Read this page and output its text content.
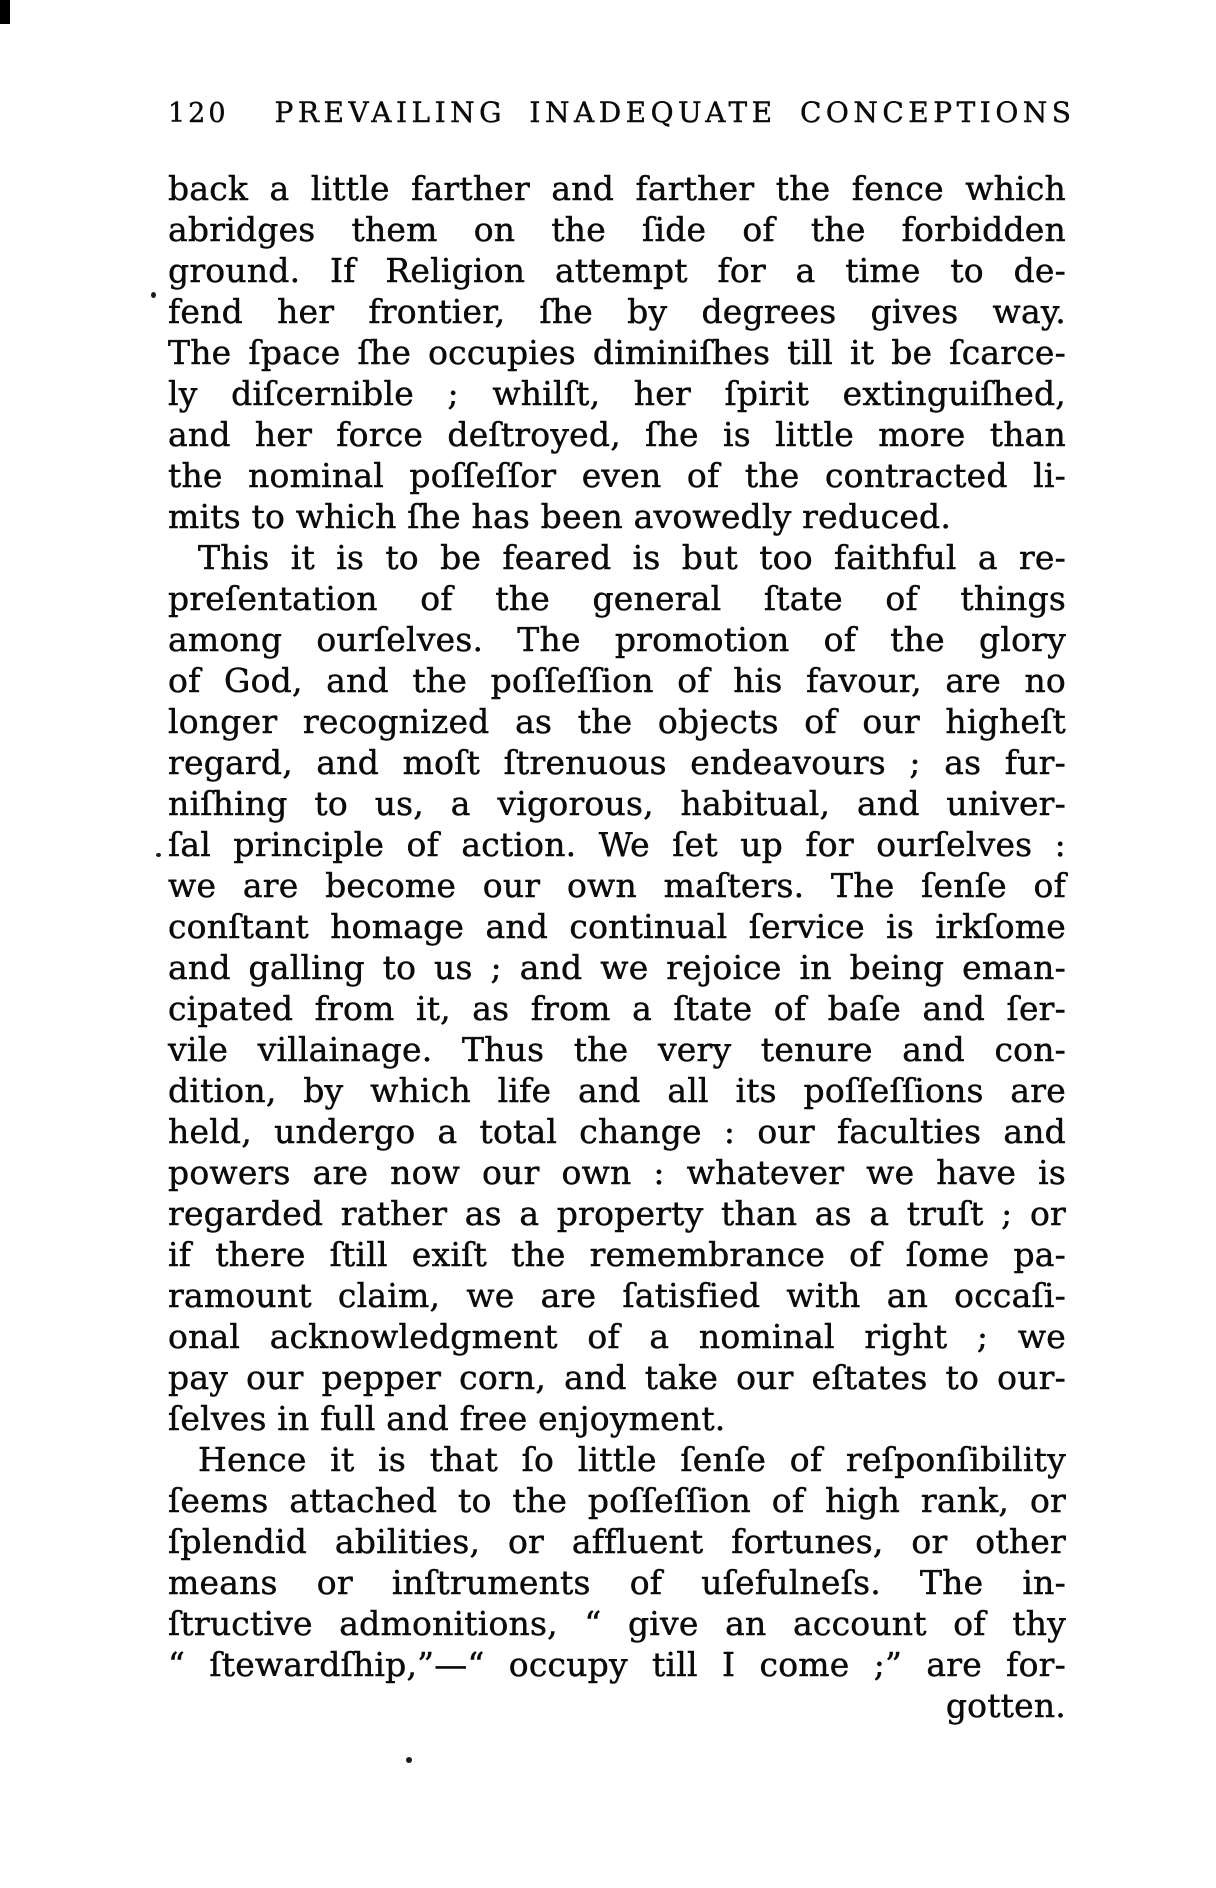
120 PREVAILING INADEQUATE CONCEPTIONS
back a little farther and farther the fence which
abridges them on the ſide of the forbidden
ground. If Religion attempt for a time to de-
fend her frontier, ſhe by degrees gives way.
The ſpace ſhe occupies diminiſhes till it be ſcarce-
ly diſcernible ; whilſt, her ſpirit extinguiſhed,
and her force deſtroyed, ſhe is little more than
the nominal poſſeſſor even of the contracted li-
mits to which ſhe has been avowedly reduced.
This it is to be feared is but too faithful a re-
preſentation of the general ſtate of things
among ourſelves. The promotion of the glory
of God, and the poſſeſſion of his favour, are no
longer recognized as the objects of our higheſt
regard, and moſt ſtrenuous endeavours ; as fur-
niſhing to us, a vigorous, habitual, and univer-
ſal principle of action. We ſet up for ourſelves :
we are become our own maſters. The ſenſe of
conſtant homage and continual ſervice is irkſome
and galling to us ; and we rejoice in being eman-
cipated from it, as from a ſtate of baſe and ſer-
vile villainage. Thus the very tenure and con-
dition, by which life and all its poſſeſſions are
held, undergo a total change : our faculties and
powers are now our own : whatever we have is
regarded rather as a property than as a truſt ; or
if there ſtill exiſt the remembrance of ſome pa-
ramount claim, we are ſatisfied with an occaſi-
onal acknowledgment of a nominal right ; we
pay our pepper corn, and take our eſtates to our-
ſelves in full and free enjoyment.
Hence it is that ſo little ſenſe of reſponſibility
ſeems attached to the poſſeſſion of high rank, or
ſplendid abilities, or affluent fortunes, or other
means or inſtruments of uſefulneſs. The in-
ſtructive admonitions, “ give an account of thy
“ ſtewardſhip,”—“ occupy till I come ;” are for-
gotten.
